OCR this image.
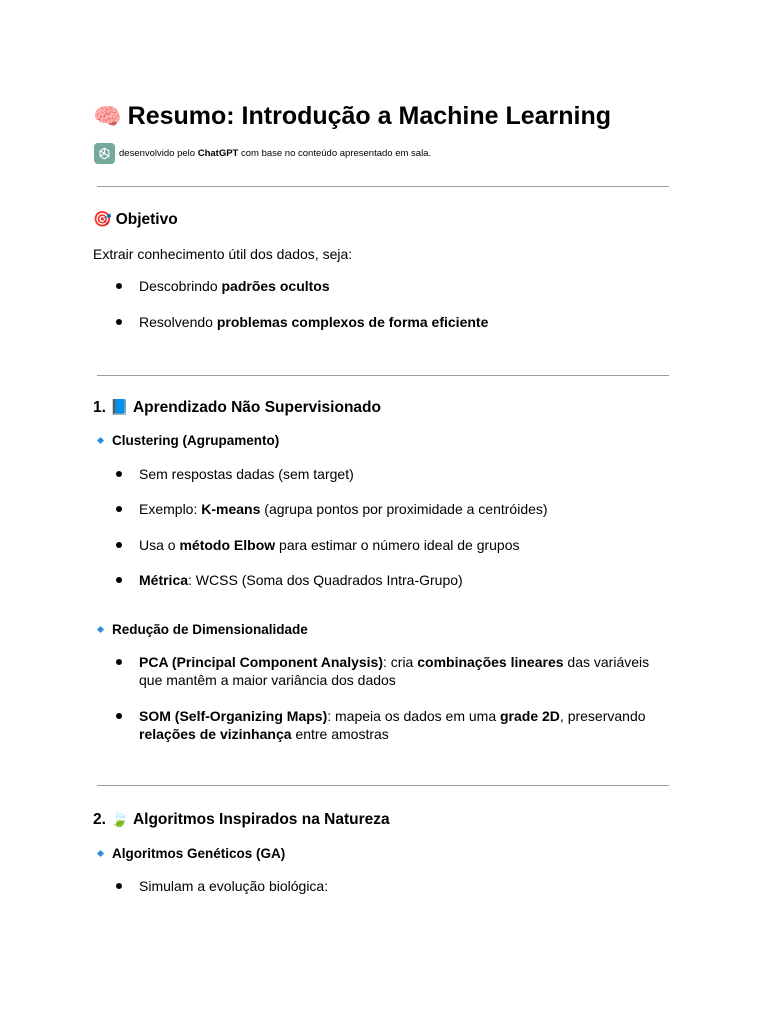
🧠 Resumo: Introdução a Machine Learning
desenvolvido pelo
ChatGPT
com base no conteúdo apresentado em sala.
🎯 Objetivo
Extrair conhecimento útil dos dados, seja:
Descobrindo padrões ocultos
Resolvendo problemas complexos de forma eficiente
1. 📘 Aprendizado Não Supervisionado
Clustering (Agrupamento)
Sem respostas dadas (sem target)
Exemplo: K-means (agrupa pontos por proximidade a centróides)
Usa o método Elbow para estimar o número ideal de grupos
Métrica: WCSS (Soma dos Quadrados Intra-Grupo)
Redução de Dimensionalidade
PCA (Principal Component Analysis): cria combinações lineares das variáveis que mantêm a maior variância dos dados
SOM (Self-Organizing Maps): mapeia os dados em uma grade 2D, preservando relações de vizinhança entre amostras
2. 🍃 Algoritmos Inspirados na Natureza
Algoritmos Genéticos (GA)
Simulam a evolução biológica:
